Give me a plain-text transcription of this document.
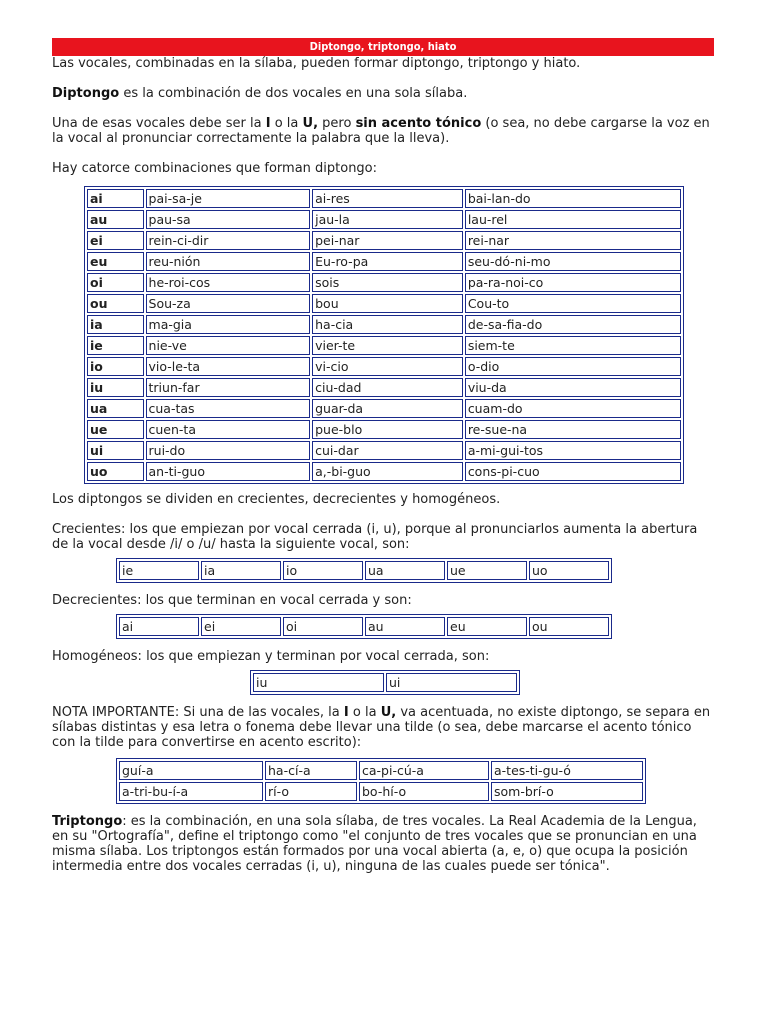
Diptongo, triptongo, hiato

Las vocales, combinadas en la sílaba, pueden formar diptongo, triptongo y hiato.

Diptongo es la combinación de dos vocales en una sola sílaba.

Una de esas vocales debe ser la I o la U, pero sin acento tónico (o sea, no debe cargarse la voz en la vocal al pronunciar correctamente la palabra que la lleva).

Hay catorce combinaciones que forman diptongo:

ai	pai-sa-je	ai-res	bai-lan-do
au	pau-sa	jau-la	lau-rel
ei	rein-ci-dir	pei-nar	rei-nar
eu	reu-nión	Eu-ro-pa	seu-dó-ni-mo
oi	he-roi-cos	sois	pa-ra-noi-co
ou	Sou-za	bou	Cou-to
ia	ma-gia	ha-cia	de-sa-fia-do
ie	nie-ve	vier-te	siem-te
io	vio-le-ta	vi-cio	o-dio
iu	triun-far	ciu-dad	viu-da
ua	cua-tas	guar-da	cuam-do
ue	cuen-ta	pue-blo	re-sue-na
ui	rui-do	cui-dar	a-mi-gui-tos
uo	an-ti-guo	a,-bi-guo	cons-pi-cuo

Los diptongos se dividen en crecientes, decrecientes y homogéneos.

Crecientes: los que empiezan por vocal cerrada (i, u), porque al pronunciarlos aumenta la abertura de la vocal desde /i/ o /u/ hasta la siguiente vocal, son:

ie	ia	io	ua	ue	uo

Decrecientes: los que terminan en vocal cerrada y son:

ai	ei	oi	au	eu	ou

Homogéneos: los que empiezan y terminan por vocal cerrada, son:

iu	ui

NOTA IMPORTANTE: Si una de las vocales, la I o la U, va acentuada, no existe diptongo, se separa en sílabas distintas y esa letra o fonema debe llevar una tilde (o sea, debe marcarse el acento tónico con la tilde para convertirse en acento escrito):

guí-a	ha-cí-a	ca-pi-cú-a	a-tes-ti-gu-ó
a-tri-bu-í-a	rí-o	bo-hí-o	som-brí-o

Triptongo: es la combinación, en una sola sílaba, de tres vocales. La Real Academia de la Lengua, en su "Ortografía", define el triptongo como "el conjunto de tres vocales que se pronuncian en una misma sílaba. Los triptongos están formados por una vocal abierta (a, e, o) que ocupa la posición intermedia entre dos vocales cerradas (i, u), ninguna de las cuales puede ser tónica".
